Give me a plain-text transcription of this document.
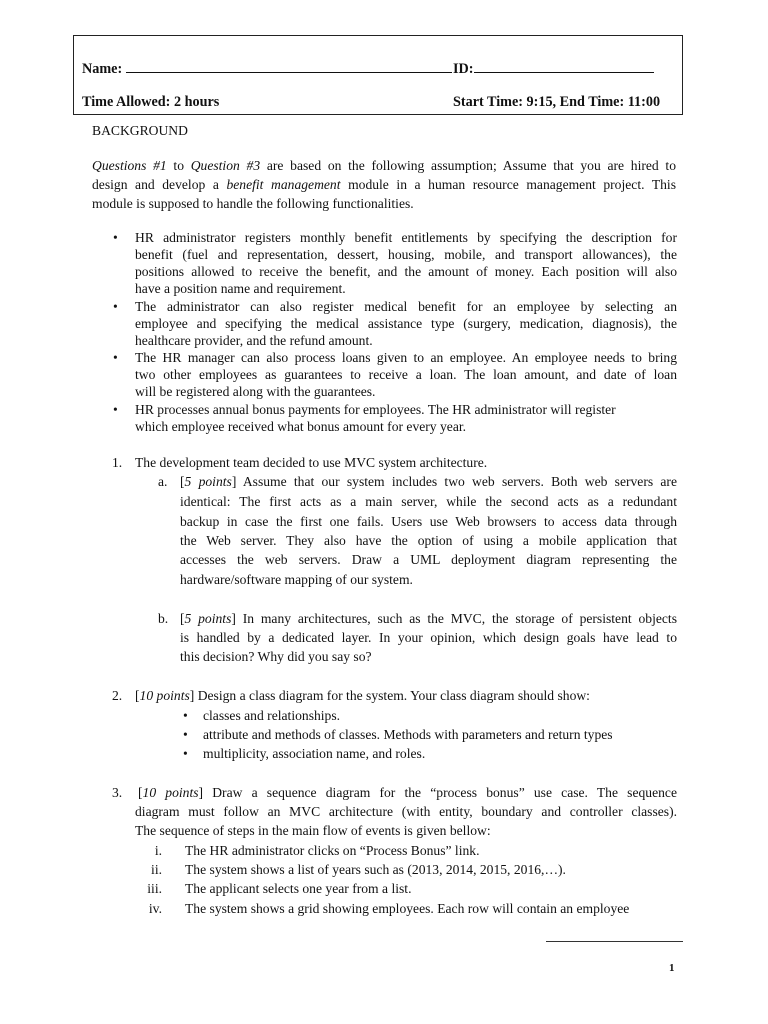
Name:	ID:
Time Allowed: 2 hours	Start Time: 9:15, End Time: 11:00
BACKGROUND
Questions #1 to Question #3 are based on the following assumption; Assume that you are hired to
design and develop a benefit management module in a human resource management project. This
module is supposed to handle the following functionalities.
• HR administrator registers monthly benefit entitlements by specifying the description for
benefit (fuel and representation, dessert, housing, mobile, and transport allowances), the
positions allowed to receive the benefit, and the amount of money. Each position will also
have a position name and requirement.
• The administrator can also register medical benefit for an employee by selecting an
employee and specifying the medical assistance type (surgery, medication, diagnosis), the
healthcare provider, and the refund amount.
• The HR manager can also process loans given to an employee. An employee needs to bring
two other employees as guarantees to receive a loan. The loan amount, and date of loan
will be registered along with the guarantees.
• HR processes annual bonus payments for employees. The HR administrator will register
which employee received what bonus amount for every year.
1. The development team decided to use MVC system architecture.
a. [5 points] Assume that our system includes two web servers. Both web servers are
identical: The first acts as a main server, while the second acts as a redundant
backup in case the first one fails. Users use Web browsers to access data through
the Web server. They also have the option of using a mobile application that
accesses the web servers. Draw a UML deployment diagram representing the
hardware/software mapping of our system.
b. [5 points] In many architectures, such as the MVC, the storage of persistent objects
is handled by a dedicated layer. In your opinion, which design goals have lead to
this decision? Why did you say so?
2. [10 points] Design a class diagram for the system. Your class diagram should show:
• classes and relationships.
• attribute and methods of classes. Methods with parameters and return types
• multiplicity, association name, and roles.
3. [10 points] Draw a sequence diagram for the “process bonus” use case. The sequence
diagram must follow an MVC architecture (with entity, boundary and controller classes).
The sequence of steps in the main flow of events is given bellow:
i. The HR administrator clicks on “Process Bonus” link.
ii. The system shows a list of years such as (2013, 2014, 2015, 2016,…).
iii. The applicant selects one year from a list.
iv. The system shows a grid showing employees. Each row will contain an employee
1
